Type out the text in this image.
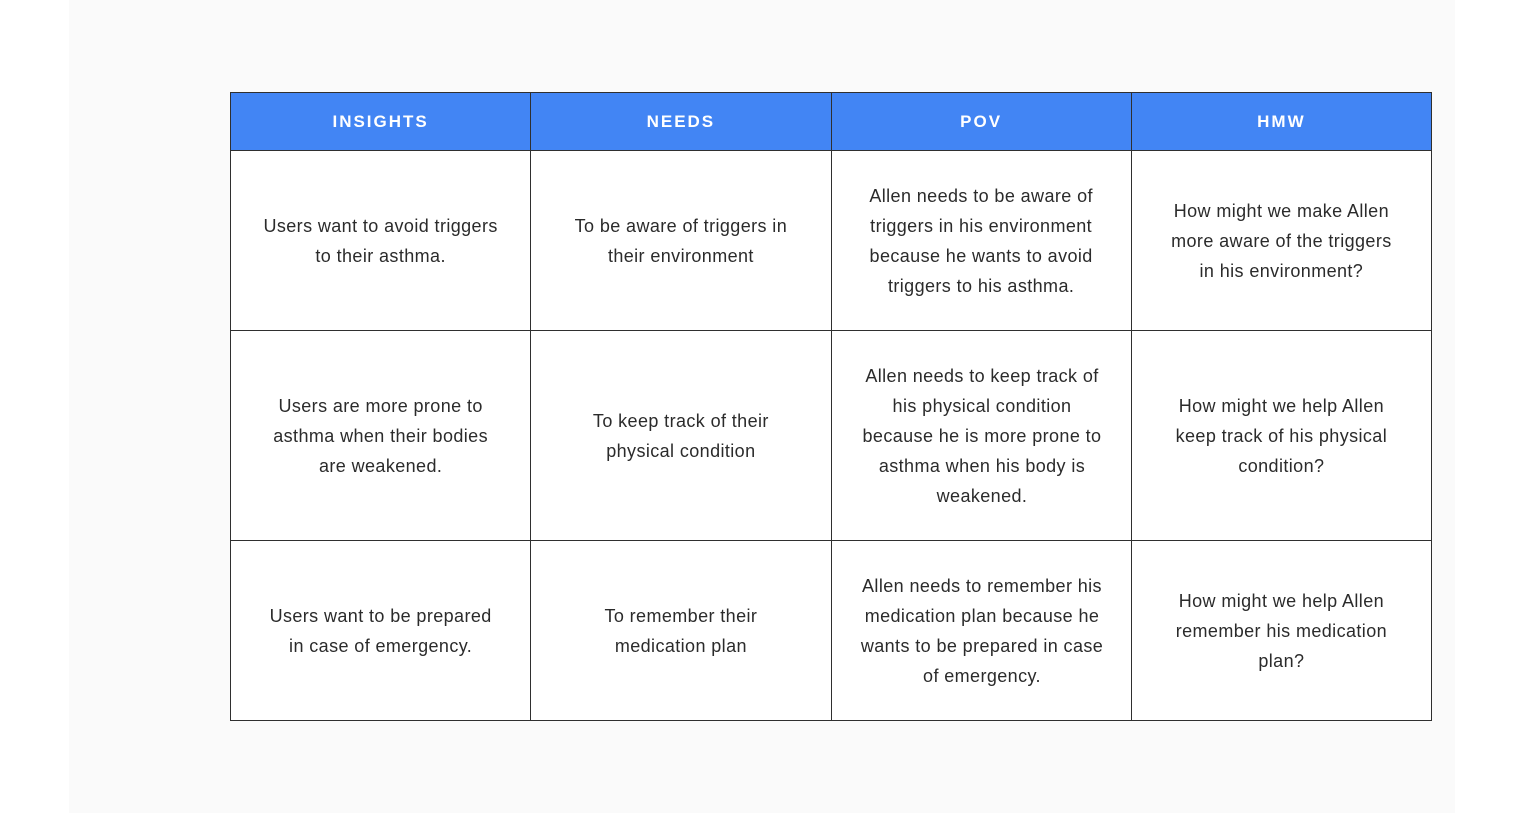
INSIGHTS	NEEDS	POV	HMW

Users want to avoid triggers to their asthma.	To be aware of triggers in their environment	Allen needs to be aware of triggers in his environment because he wants to avoid triggers to his asthma.	How might we make Allen more aware of the triggers in his environment?

Users are more prone to asthma when their bodies are weakened.	To keep track of their physical condition	Allen needs to keep track of his physical condition because he is more prone to asthma when his body is weakened.	How might we help Allen keep track of his physical condition?

Users want to be prepared in case of emergency.	To remember their medication plan	Allen needs to remember his medication plan because he wants to be prepared in case of emergency.	How might we help Allen remember his medication plan?
